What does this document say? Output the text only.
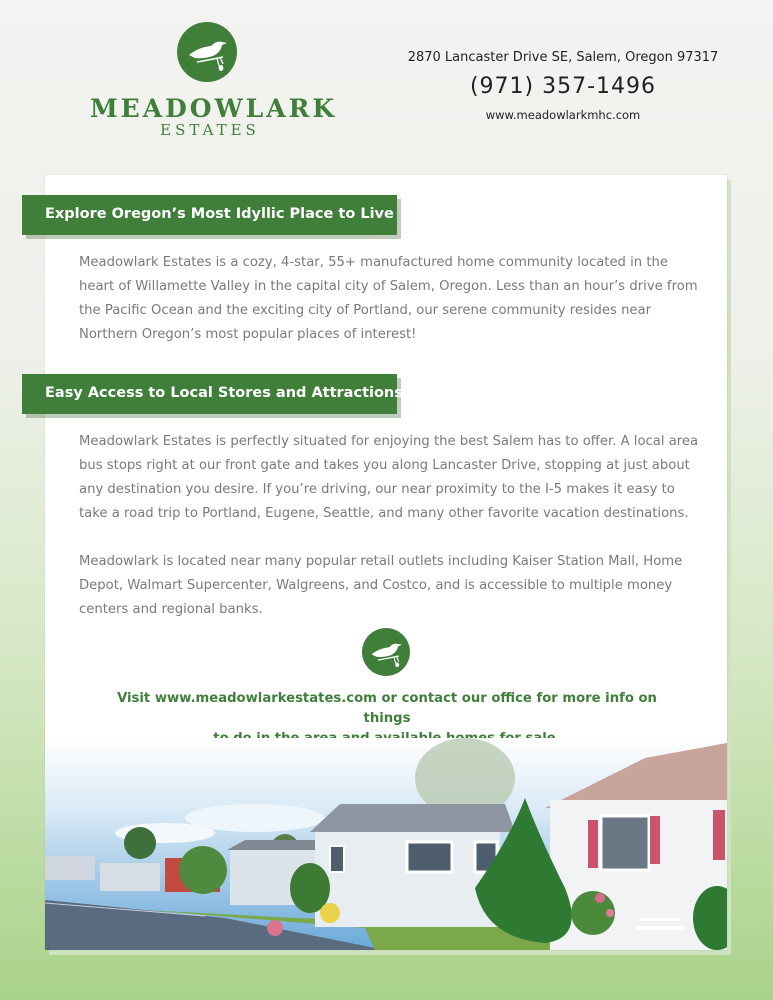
MEADOWLARK
ESTATES
2870 Lancaster Drive SE, Salem, Oregon 97317
(971) 357-1496
www.meadowlarkmhc.com
Explore Oregon’s Most Idyllic Place to Live
Meadowlark Estates is a cozy, 4-star, 55+ manufactured home community located in the heart of Willamette Valley in the capital city of Salem, Oregon. Less than an hour’s drive from the Pacific Ocean and the exciting city of Portland, our serene community resides near Northern Oregon’s most popular places of interest!
Easy Access to Local Stores and Attractions
Meadowlark Estates is perfectly situated for enjoying the best Salem has to offer. A local area bus stops right at our front gate and takes you along Lancaster Drive, stopping at just about any destination you desire. If you’re driving, our near proximity to the I-5 makes it easy to take a road trip to Portland, Eugene, Seattle, and many other favorite vacation destinations.
Meadowlark is located near many popular retail outlets including Kaiser Station Mall, Home Depot, Walmart Supercenter, Walgreens, and Costco, and is accessible to multiple money centers and regional banks.
Visit www.meadowlarkestates.com or contact our office for more info on things
